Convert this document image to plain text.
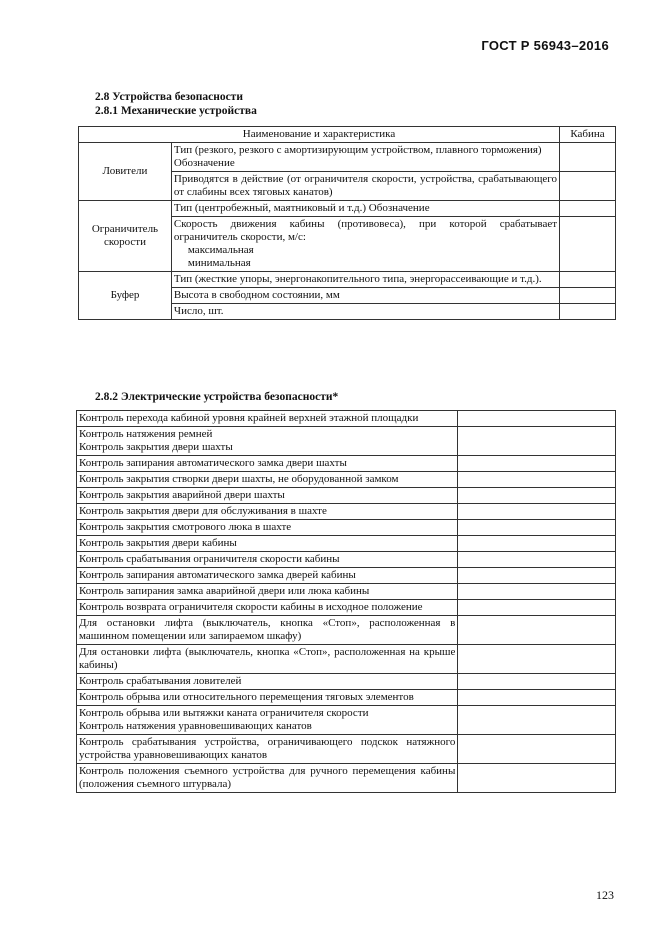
ГОСТ Р 56943–2016
2.8 Устройства безопасности
2.8.1 Механические устройства
Наименование и характеристика		Кабина
Ловители	Тип (резкого, резкого с амортизирующим устройством, плавного торможения)
Обозначение	

	Приводятся в действие (от ограничителя скорости, устройства, срабатывающего от слабины всех тяговых канатов)	

Ограничитель скорости	Тип (центробежный, маятниковый и т.д.) Обозначение	

	Скорость движения кабины (противовеса), при которой срабатывает ограничитель скорости, м/с:
максимальная
минимальная	

Буфер	Тип (жесткие упоры, энергонакопительного типа, энергорассеивающие и т.д.).	

	Высота в свободном состоянии, мм	

	Число, шт.	

2.8.2 Электрические устройства безопасности*
Контроль перехода кабиной уровня крайней верхней этажной площадки	

Контроль натяжения ремней
Контроль закрытия двери шахты	

Контроль запирания автоматического замка двери шахты	

Контроль закрытия створки двери шахты, не оборудованной замком	

Контроль закрытия аварийной двери шахты	

Контроль закрытия двери для обслуживания в шахте	

Контроль закрытия смотрового люка в шахте	

Контроль закрытия двери кабины	

Контроль срабатывания ограничителя скорости кабины	

Контроль запирания автоматического замка дверей кабины	

Контроль запирания замка аварийной двери или люка кабины	

Контроль возврата ограничителя скорости кабины в исходное положение	

Для остановки лифта (выключатель, кнопка «Стоп», расположенная в машинном помещении или запираемом шкафу)	

Для остановки лифта (выключатель, кнопка «Стоп», расположенная на крыше кабины)	

Контроль срабатывания ловителей	

Контроль обрыва или относительного перемещения тяговых элементов	

Контроль обрыва или вытяжки каната ограничителя скорости
Контроль натяжения уравновешивающих канатов	

Контроль срабатывания устройства, ограничивающего подскок натяжного устройства уравновешивающих канатов	

Контроль положения съемного устройства для ручного перемещения кабины (положения съемного штурвала)	

123
